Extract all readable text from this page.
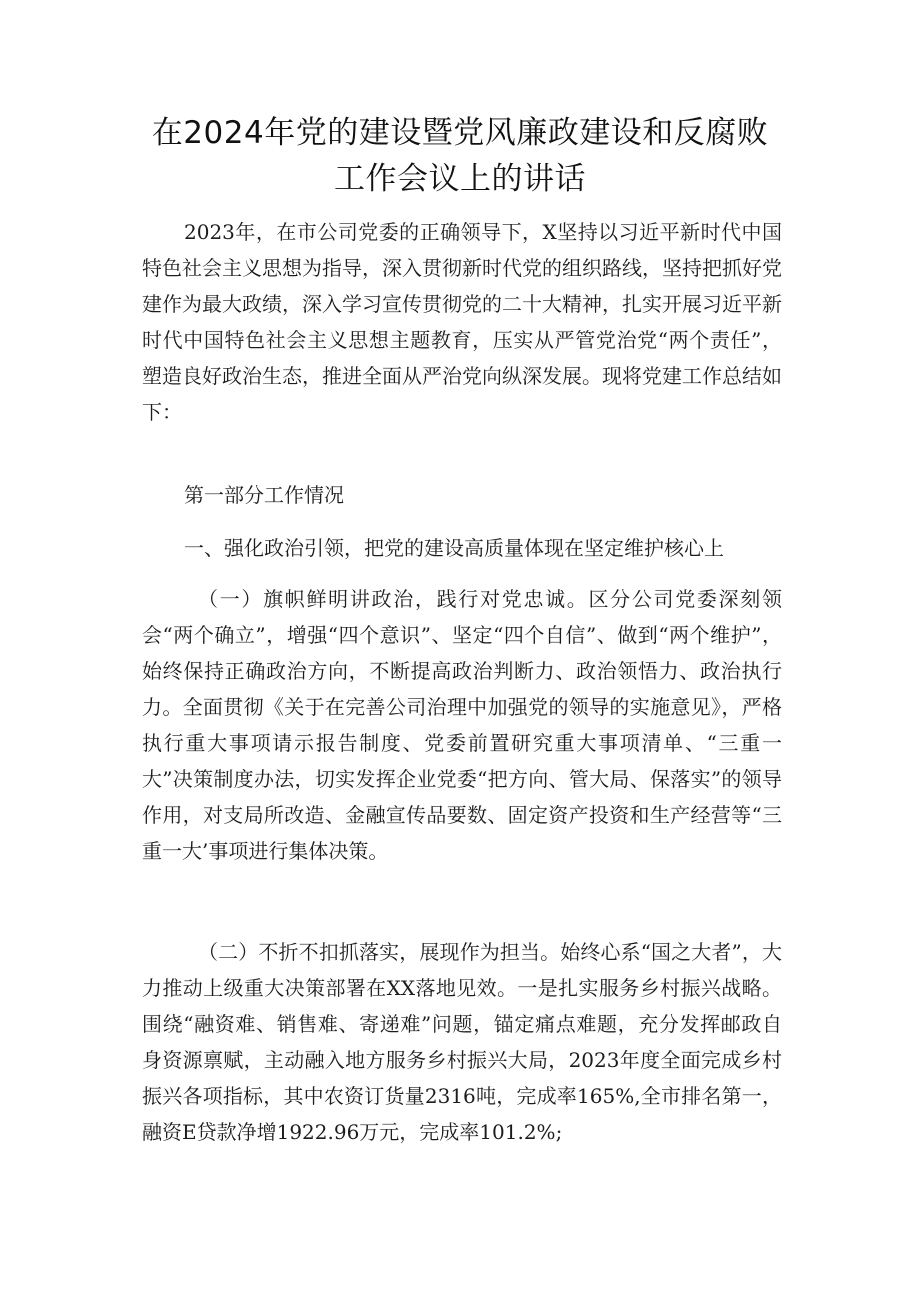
在2024年党的建设暨党风廉政建设和反腐败
工作会议上的讲话
2023年，在市公司党委的正确领导下，X坚持以习近平新时代中国特色社会主义思想为指导，深入贯彻新时代党的组织路线，坚持把抓好党建作为最大政绩，深入学习宣传贯彻党的二十大精神，扎实开展习近平新时代中国特色社会主义思想主题教育，压实从严管党治党“两个责任”，塑造良好政治生态，推进全面从严治党向纵深发展。现将党建工作总结如下：
第一部分工作情况
一、强化政治引领，把党的建设高质量体现在坚定维护核心上
（一）旗帜鲜明讲政治，践行对党忠诚。区分公司党委深刻领会“两个确立”，增强“四个意识”、坚定“四个自信”、做到“两个维护”，始终保持正确政治方向，不断提高政治判断力、政治领悟力、政治执行力。全面贯彻《关于在完善公司治理中加强党的领导的实施意见》，严格执行重大事项请示报告制度、党委前置研究重大事项清单、“三重一大”决策制度办法，切实发挥企业党委“把方向、管大局、保落实”的领导作用，对支局所改造、金融宣传品要数、固定资产投资和生产经营等“三重一大’事项进行集体决策。
（二）不折不扣抓落实，展现作为担当。始终心系“国之大者”，大力推动上级重大决策部署在XX落地见效。一是扎实服务乡村振兴战略。围绕“融资难、销售难、寄递难”问题，锚定痛点难题，充分发挥邮政自身资源禀赋，主动融入地方服务乡村振兴大局，2023年度全面完成乡村振兴各项指标，其中农资订货量2316吨，完成率165%,全市排名第一，融资E贷款净增1922.96万元，完成率101.2%;
